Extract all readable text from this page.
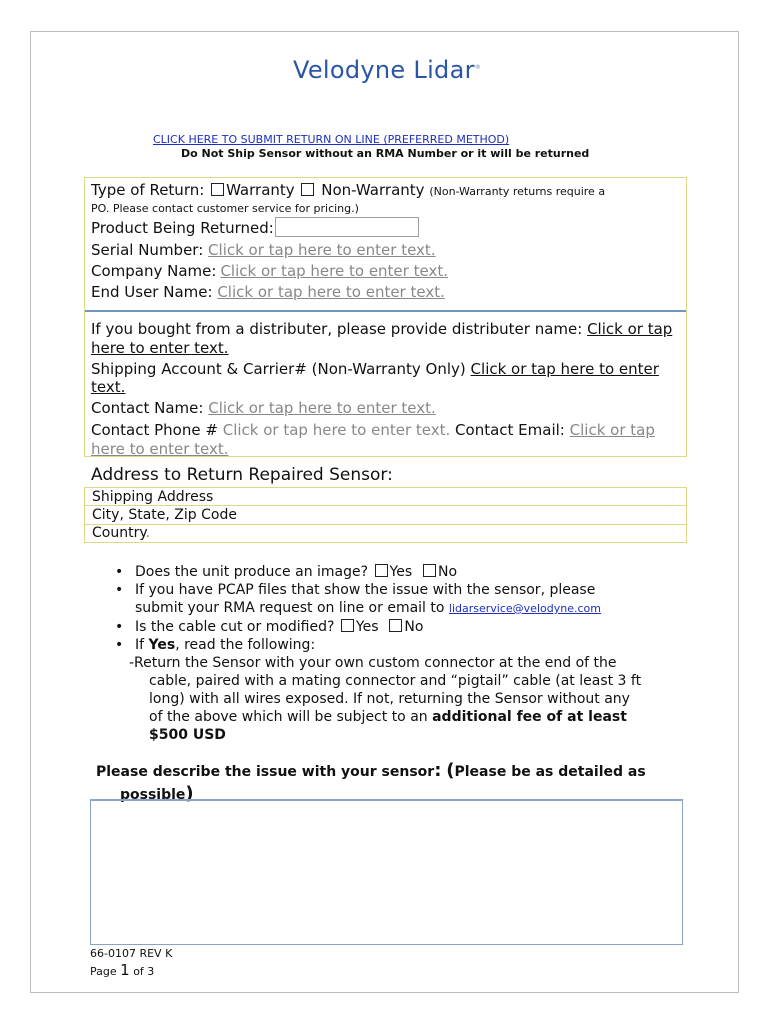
Velodyne Lidar®
CLICK HERE TO SUBMIT RETURN ON LINE (PREFERRED METHOD)
Do Not Ship Sensor without an RMA Number or it will be returned
Type of Return: Warranty Non-Warranty (Non-Warranty returns require a
PO. Please contact customer service for pricing.)
Product Being Returned:
Serial Number: Click or tap here to enter text.
Company Name: Click or tap here to enter text.
End User Name: Click or tap here to enter text.
If you bought from a distributer, please provide distributer name: Click or tap
here to enter text.
Shipping Account & Carrier# (Non-Warranty Only) Click or tap here to enter
text.
Contact Name: Click or tap here to enter text.
Contact Phone # Click or tap here to enter text. Contact Email: Click or tap
here to enter text.
Address to Return Repaired Sensor:
Shipping Address
City, State, Zip Code
Country.
• Does the unit produce an image? Yes No
• If you have PCAP files that show the issue with the sensor, please
submit your RMA request on line or email to lidarservice@velodyne.com
• Is the cable cut or modified? Yes No
• If Yes, read the following:
-Return the Sensor with your own custom connector at the end of the

cable, paired with a mating connector and “pigtail” cable (at least 3 ft
long) with all wires exposed. If not, returning the Sensor without any
of the above which will be subject to an additional fee of at least
$500 USD
Please describe the issue with your sensor: (Please be as detailed as
possible)
66-0107 REV K
Page 1 of 3
